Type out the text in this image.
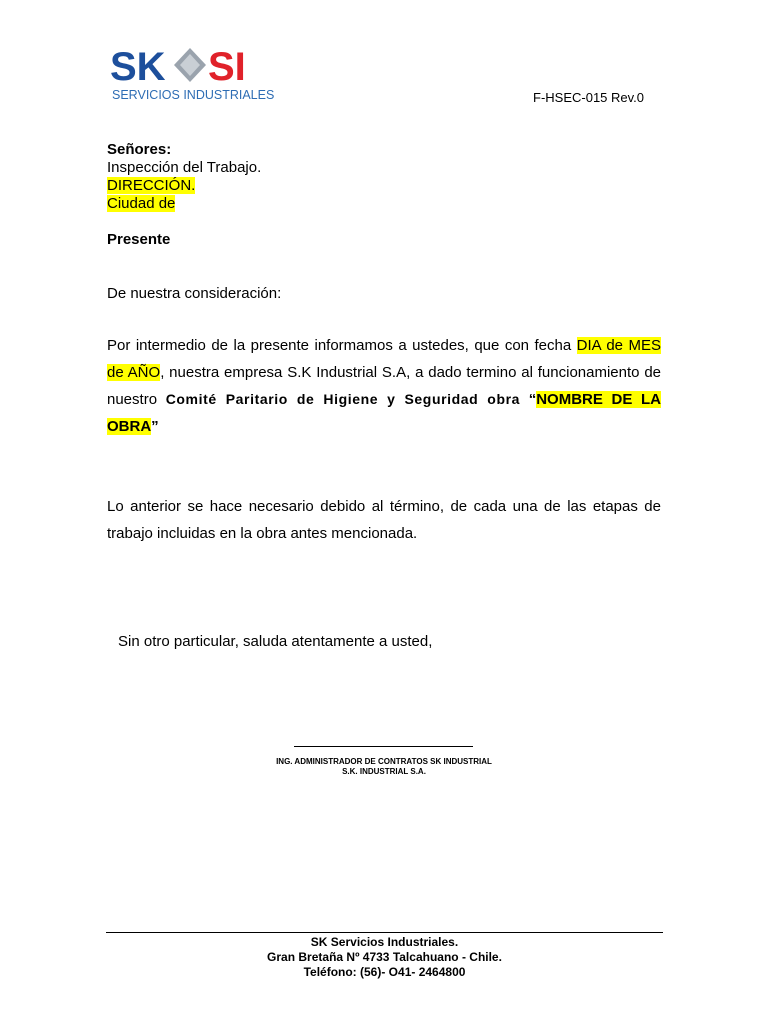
SK SI
SERVICIOS INDUSTRIALES	F-HSEC-015 Rev.0
Señores:
Inspección del Trabajo.
DIRECCIÓN.
Ciudad de
Presente
De nuestra consideración:
Por intermedio de la presente informamos a ustedes, que con fecha DIA de MES de AÑO, nuestra empresa S.K Industrial S.A, a dado termino al funcionamiento de nuestro Comité Paritario de Higiene y Seguridad obra “NOMBRE DE LA OBRA”
Lo anterior se hace necesario debido al término, de cada una de las etapas de trabajo incluidas en la obra antes mencionada.
Sin otro particular, saluda atentamente a usted,
ING. ADMINISTRADOR DE CONTRATOS SK INDUSTRIAL
S.K. INDUSTRIAL S.A.
SK Servicios Industriales.
Gran Bretaña Nº 4733 Talcahuano - Chile.
Teléfono: (56)- O41- 2464800
